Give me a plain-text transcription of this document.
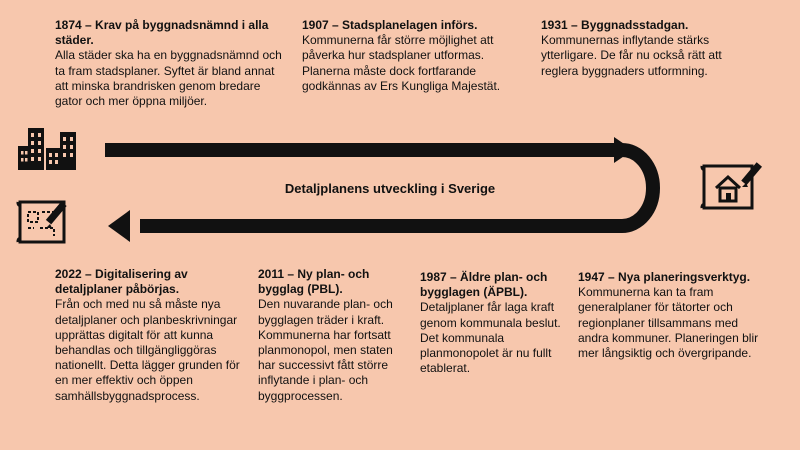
1874 – Krav på byggnadsnämnd i alla städer.
Alla städer ska ha en byggnadsnämnd och ta fram stadsplaner. Syftet är bland annat att minska brandrisken genom bredare gator och mer öppna miljöer.
1907 – Stadsplanelagen införs.
Kommunerna får större möjlighet att påverka hur stadsplaner utformas. Planerna måste dock fortfarande godkännas av Ers Kungliga Majestät.
1931 – Byggnadsstadgan.
Kommunernas inflytande stärks ytterligare. De får nu också rätt att reglera byggnaders utformning.
2022 – Digitalisering av detaljplaner påbörjas.
Från och med nu så måste nya detaljplaner och planbeskrivningar upprättas digitalt för att kunna behandlas och tillgängliggöras nationellt. Detta lägger grunden för en mer effektiv och öppen samhällsbyggnadsprocess.
2011 – Ny plan- och bygglag (PBL).
Den nuvarande plan- och bygglagen träder i kraft. Kommunerna har fortsatt planmonopol, men staten har successivt fått större inflytande i plan- och byggprocessen.
1987 – Äldre plan- och bygglagen (ÄPBL).
Detaljplaner får laga kraft genom kommunala beslut. Det kommunala planmonopolet är nu fullt etablerat.
1947 – Nya planeringsverktyg.
Kommunerna kan ta fram generalplaner för tätorter och regionplaner tillsammans med andra kommuner. Planeringen blir mer långsiktig och övergripande.
Detaljplanens utveckling i Sverige
